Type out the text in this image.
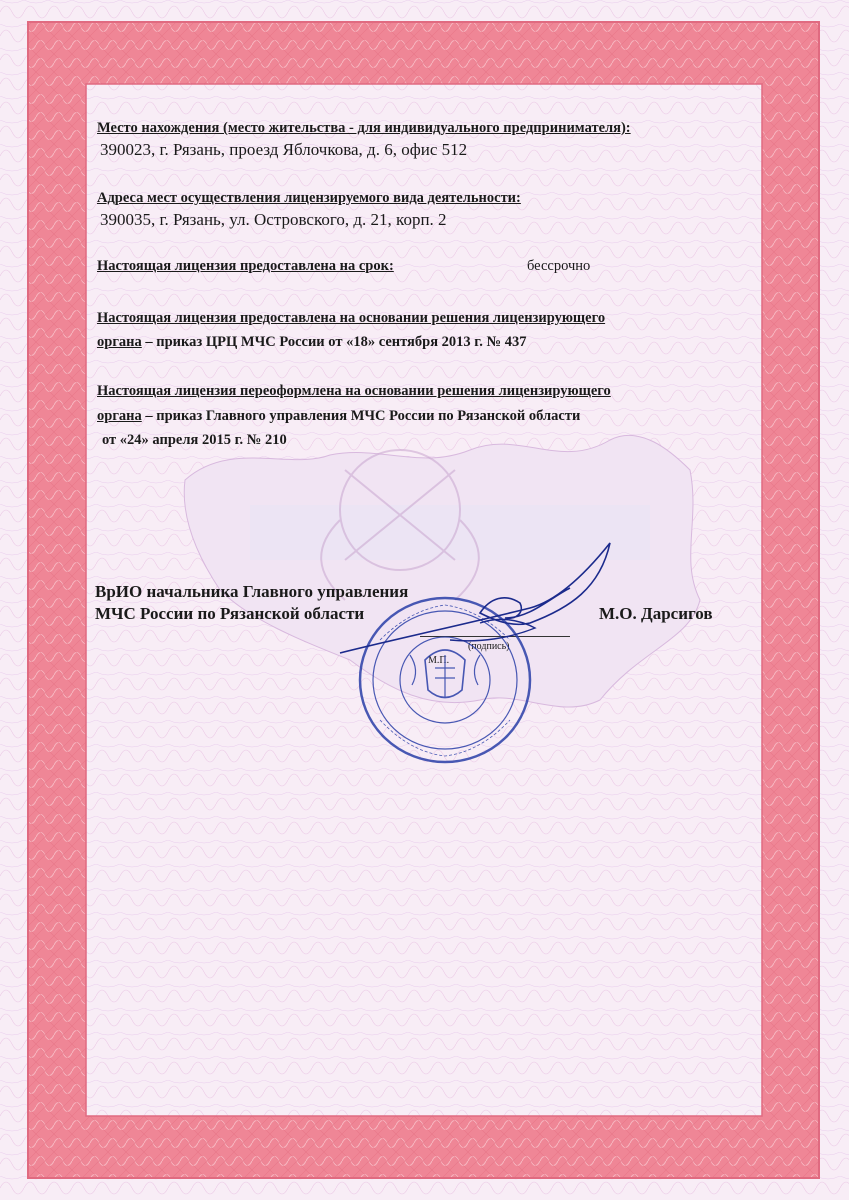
Место нахождения (место жительства - для индивидуального предпринимателя):
390023, г. Рязань, проезд Яблочкова, д. 6, офис 512
Адреса мест осуществления лицензируемого вида деятельности:
390035, г. Рязань, ул. Островского, д. 21, корп. 2
Настоящая лицензия предоставлена на срок:	бессрочно
Настоящая лицензия предоставлена на основании решения лицензирующего
органа – приказ ЦРЦ МЧС России от «18» сентября 2013 г. № 437
Настоящая лицензия переоформлена на основании решения лицензирующего
органа – приказ Главного управления МЧС России по Рязанской области
от «24» апреля 2015 г. № 210
ВрИО начальника Главного управления
МЧС России по Рязанской области	М.О. Дарсигов
(подпись)
М.П.
